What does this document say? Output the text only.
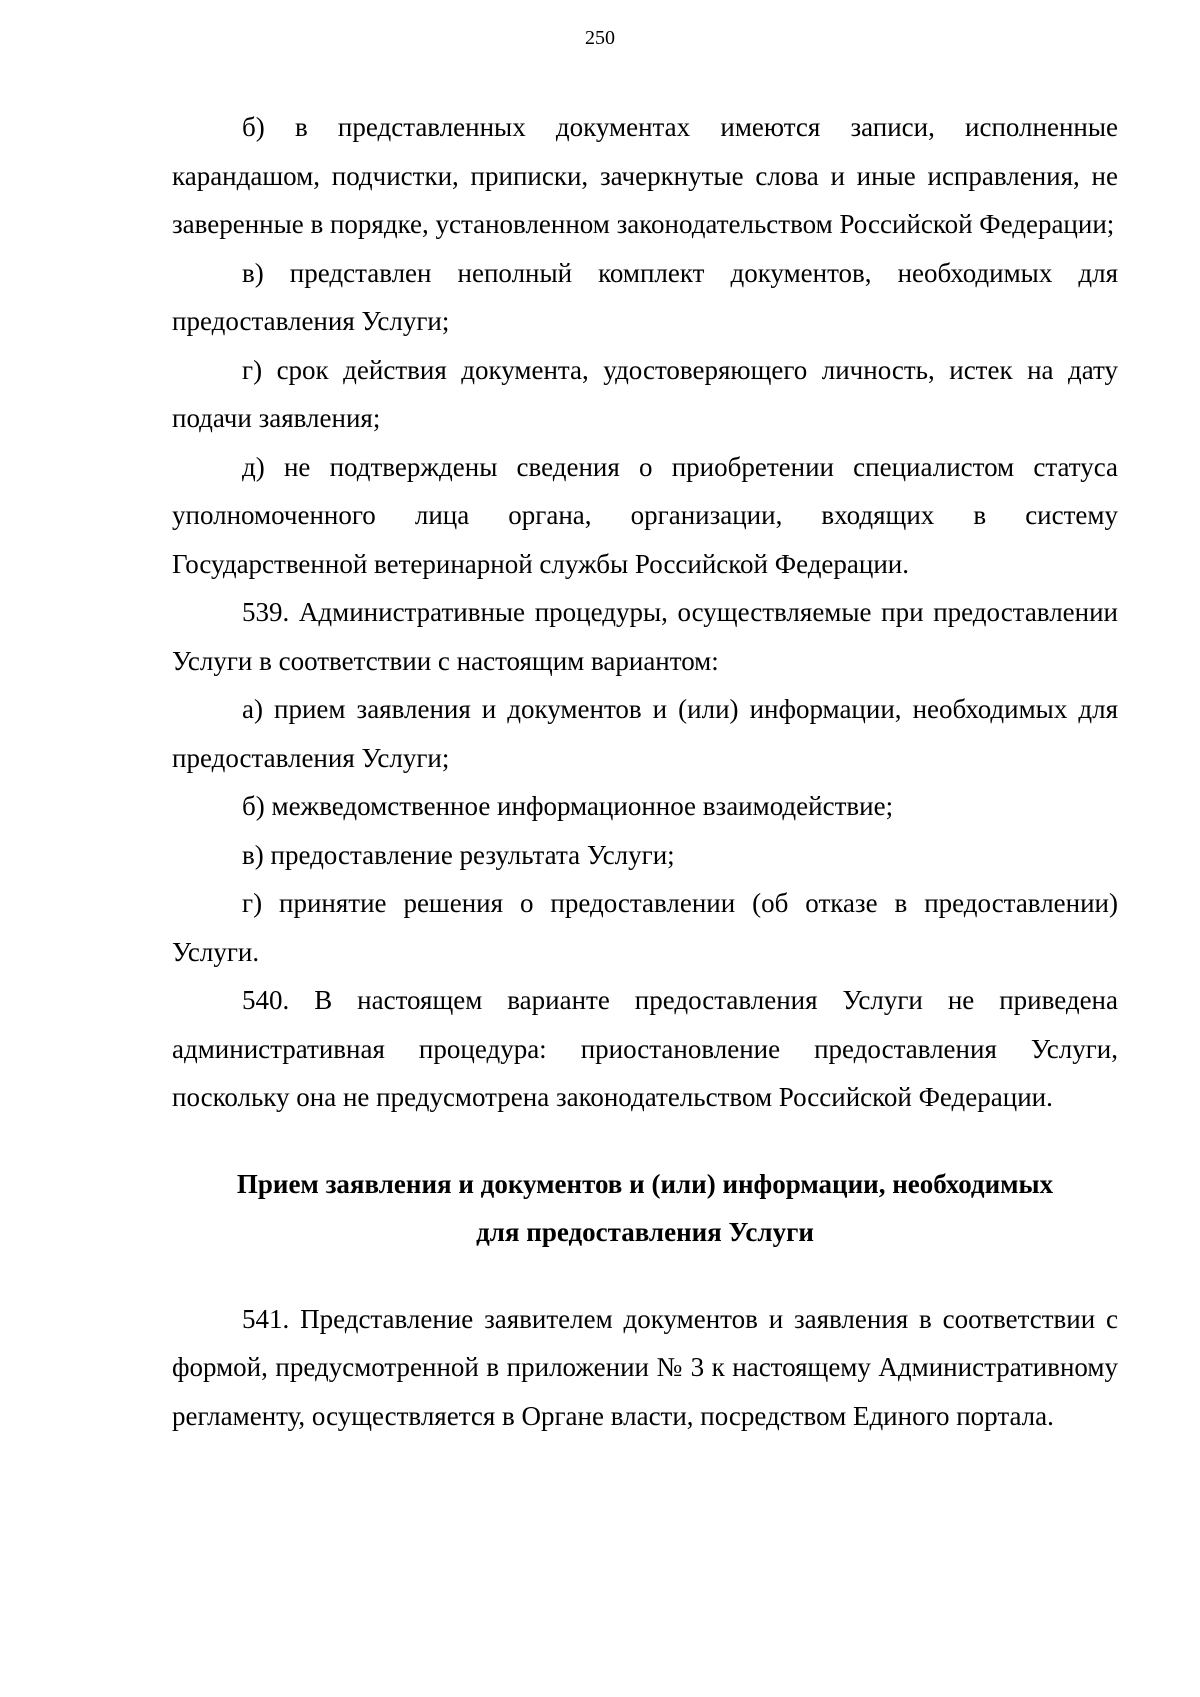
250

б) в представленных документах имеются записи, исполненные карандашом, подчистки, приписки, зачеркнутые слова и иные исправления, не заверенные в порядке, установленном законодательством Российской Федерации;

в) представлен неполный комплект документов, необходимых для предоставления Услуги;

г) срок действия документа, удостоверяющего личность, истек на дату подачи заявления;

д) не подтверждены сведения о приобретении специалистом статуса уполномоченного лица органа, организации, входящих в систему Государственной ветеринарной службы Российской Федерации.

539. Административные процедуры, осуществляемые при предоставлении Услуги в соответствии с настоящим вариантом:

а) прием заявления и документов и (или) информации, необходимых для предоставления Услуги;

б) межведомственное информационное взаимодействие;

в) предоставление результата Услуги;

г) принятие решения о предоставлении (об отказе в предоставлении) Услуги.

540. В настоящем варианте предоставления Услуги не приведена административная процедура: приостановление предоставления Услуги, поскольку она не предусмотрена законодательством Российской Федерации.

Прием заявления и документов и (или) информации, необходимых
для предоставления Услуги

541. Представление заявителем документов и заявления в соответствии с формой, предусмотренной в приложении № 3 к настоящему Административному регламенту, осуществляется в Органе власти, посредством Единого портала.
